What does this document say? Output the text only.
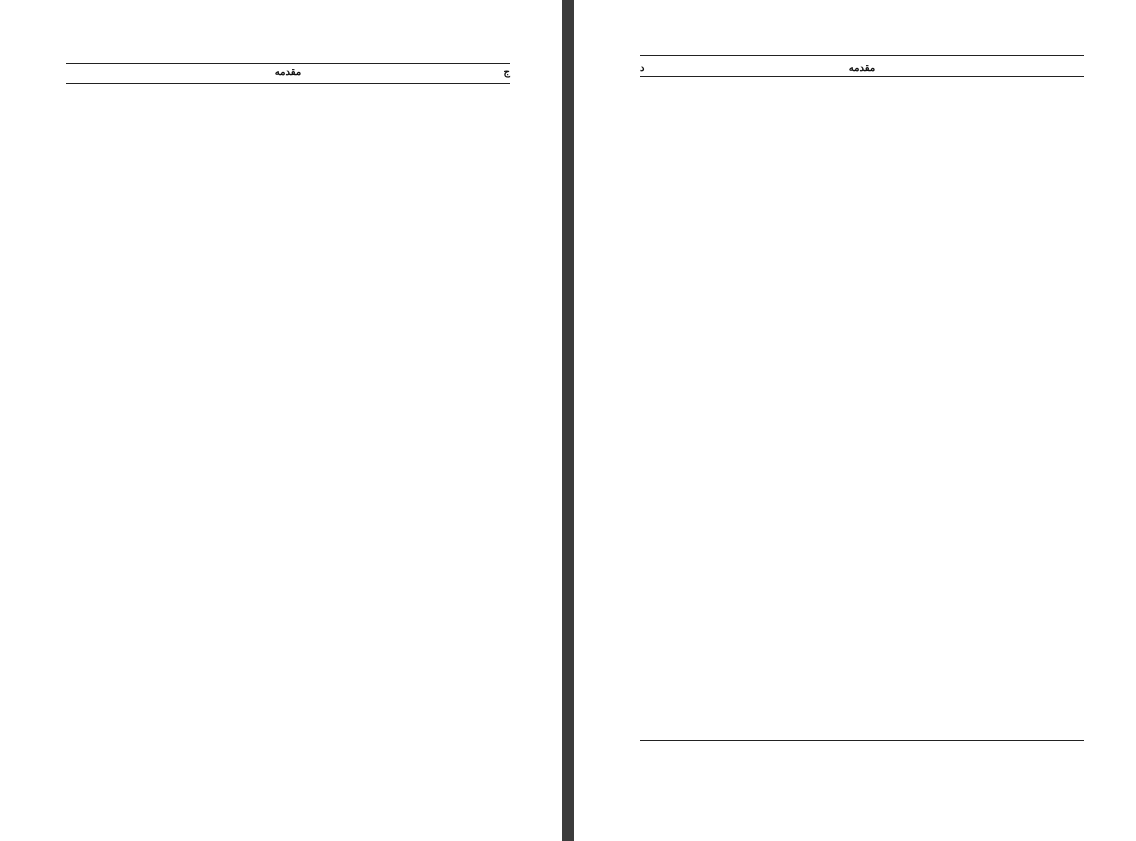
مقدمه	ج	مقدمه
د
